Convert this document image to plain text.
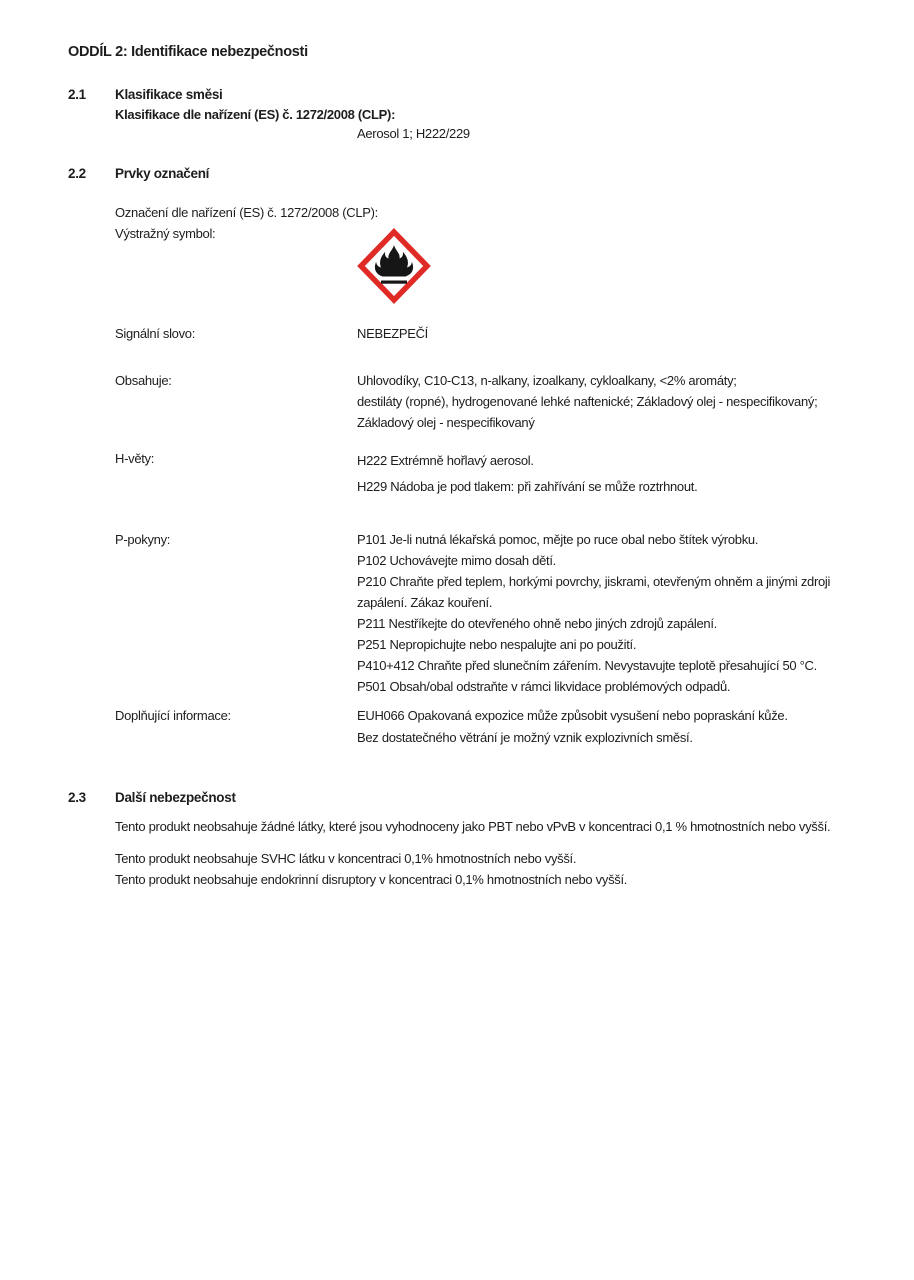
ODDÍL 2: Identifikace nebezpečnosti
2.1 Klasifikace směsi
Klasifikace dle nařízení (ES) č. 1272/2008 (CLP):
Aerosol 1; H222/229
2.2 Prvky označení
Označení dle nařízení (ES) č. 1272/2008 (CLP):
Výstražný symbol:
Signální slovo:	NEBEZPEČÍ
Obsahuje:	Uhlovodíky, C10-C13, n-alkany, izoalkany, cykloalkany, <2% aromáty;
destiláty (ropné), hydrogenované lehké naftenické; Základový olej - nespecifikovaný;
Základový olej - nespecifikovaný
H-věty:	H222 Extrémně hořlavý aerosol.
H229 Nádoba je pod tlakem: při zahřívání se může roztrhnout.
P-pokyny:	P101 Je-li nutná lékařská pomoc, mějte po ruce obal nebo štítek výrobku.
P102 Uchovávejte mimo dosah dětí.
P210 Chraňte před teplem, horkými povrchy, jiskrami, otevřeným ohněm a jinými zdroji
zapálení. Zákaz kouření.
P211 Nestříkejte do otevřeného ohně nebo jiných zdrojů zapálení.
P251 Nepropichujte nebo nespalujte ani po použití.
P410+412 Chraňte před slunečním zářením. Nevystavujte teplotě přesahující 50 °C.
P501 Obsah/obal odstraňte v rámci likvidace problémových odpadů.
Doplňující informace:	EUH066 Opakovaná expozice může způsobit vysušení nebo popraskání kůže.
Bez dostatečného větrání je možný vznik explozivních směsí.
2.3 Další nebezpečnost
Tento produkt neobsahuje žádné látky, které jsou vyhodnoceny jako PBT nebo vPvB v koncentraci 0,1 % hmotnostních nebo vyšší.
Tento produkt neobsahuje SVHC látku v koncentraci 0,1% hmotnostních nebo vyšší.
Tento produkt neobsahuje endokrinní disruptory v koncentraci 0,1% hmotnostních nebo vyšší.
